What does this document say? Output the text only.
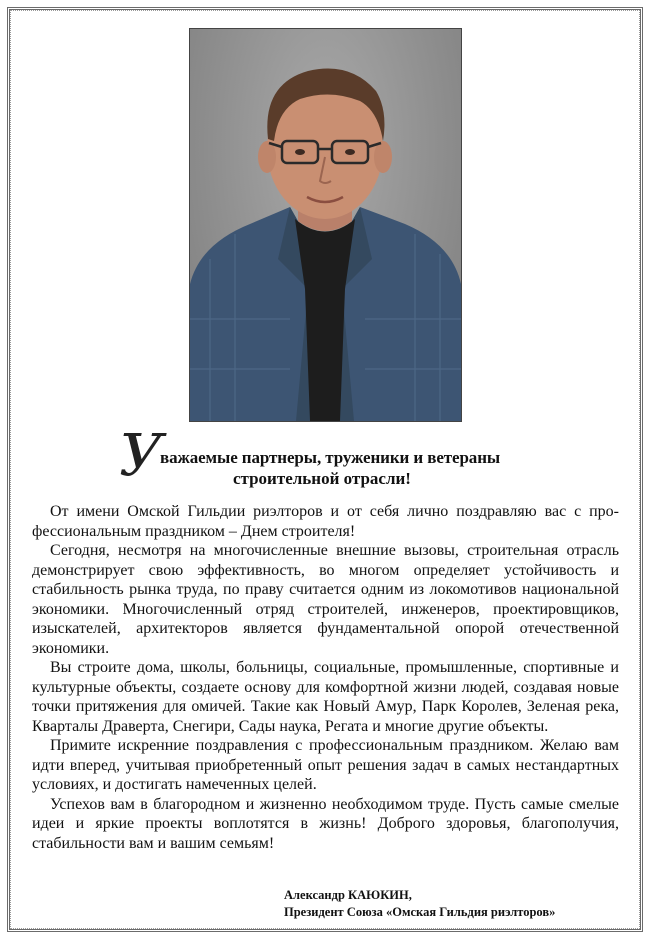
У
важаемые партнеры, труженики и ветераны
строительной отрасли!

От имени Омской Гильдии риэлторов и от себя лично поздравляю вас с профессиональным праздником – Днем строителя!

Сегодня, несмотря на многочисленные внешние вызовы, строительная отрасль демонстрирует свою эффективность, во многом определяет устойчивость и стабильность рынка труда, по праву считается одним из локомотивов национальной экономики. Многочисленный отряд строителей, инженеров, проектировщиков, изыскателей, архитекторов является фундаментальной опорой отечественной экономики.

Вы строите дома, школы, больницы, социальные, промышленные, спортивные и культурные объекты, создаете основу для комфортной жизни людей, создавая новые точки притяжения для омичей. Такие как Новый Амур, Парк Королев, Зеленая река, Кварталы Драверта, Снегири, Сады наука, Регата и многие другие объекты.

Примите искренние поздравления с профессиональным праздником. Желаю вам идти вперед, учитывая приобретенный опыт решения задач в самых нестандартных условиях, и достигать намеченных целей.

Успехов вам в благородном и жизненно необходимом труде. Пусть самые смелые идеи и яркие проекты воплотятся в жизнь! Доброго здоровья, благополучия, стабильности вам и вашим семьям!

Александр КАЮКИН,
Президент Союза «Омская Гильдия риэлторов»
